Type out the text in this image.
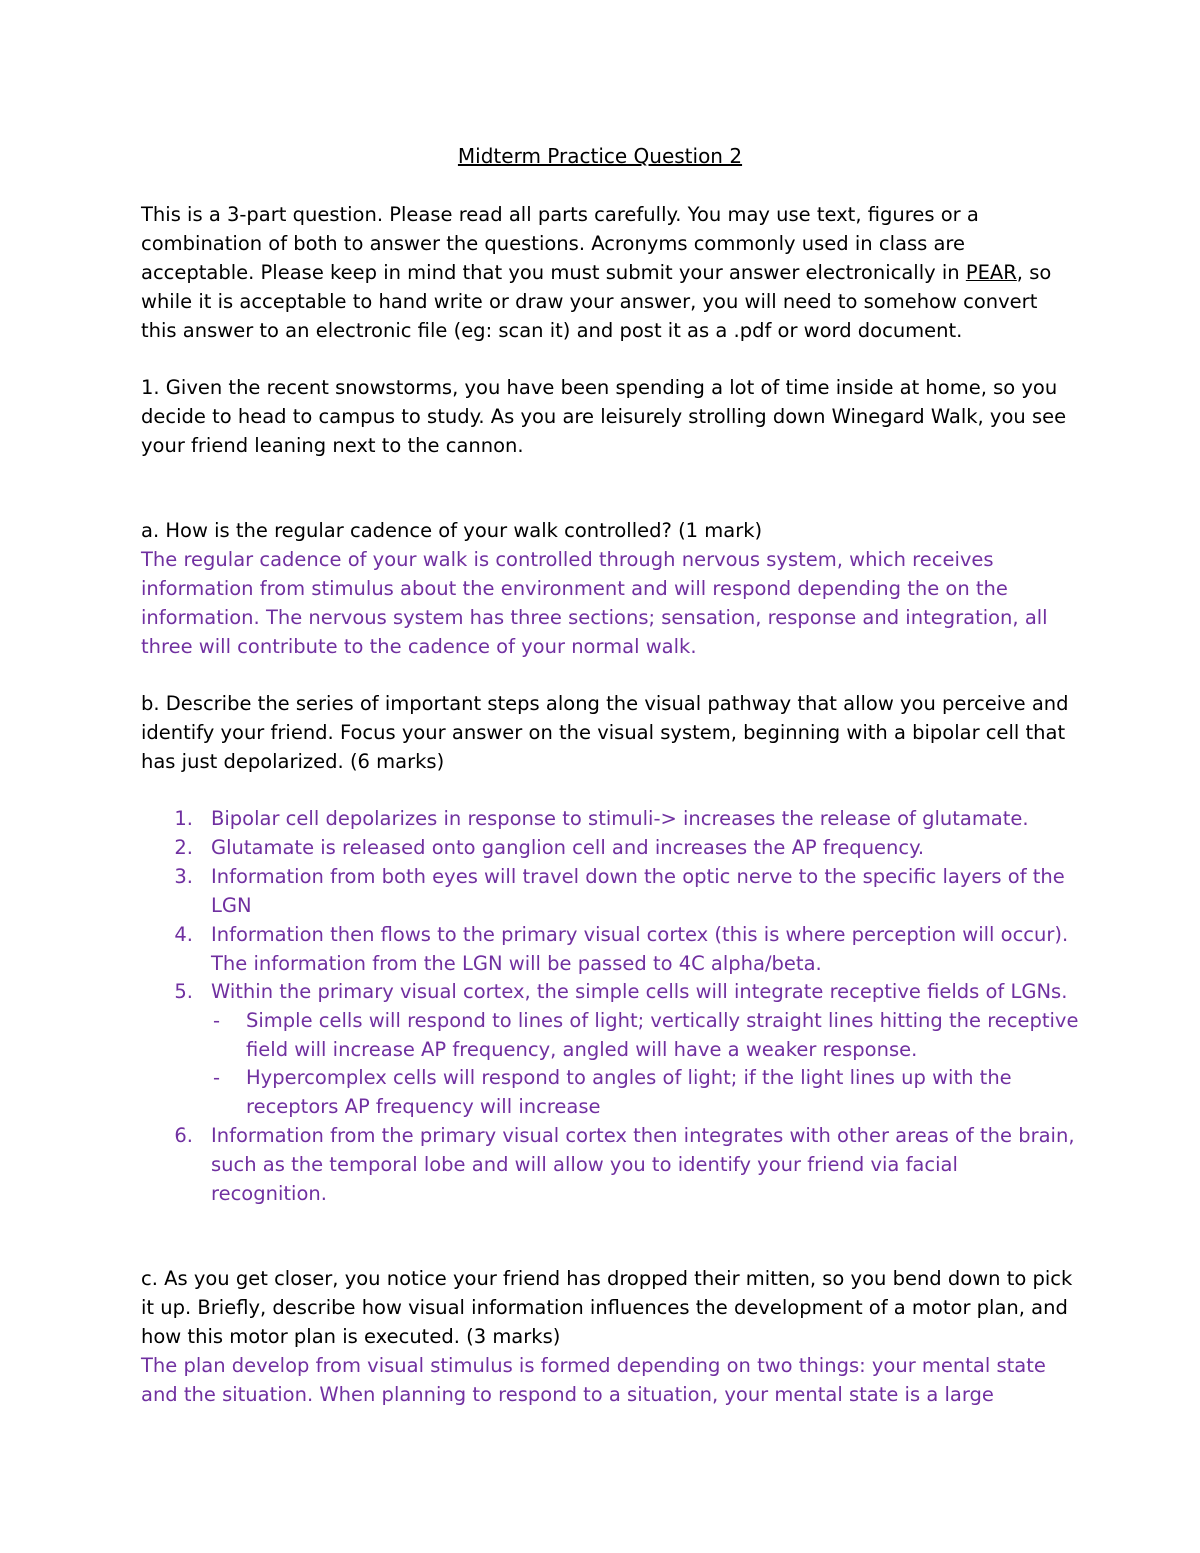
Midterm Practice Question 2
This is a 3-part question. Please read all parts carefully. You may use text, figures or a
combination of both to answer the questions. Acronyms commonly used in class are
acceptable. Please keep in mind that you must submit your answer electronically in PEAR, so
while it is acceptable to hand write or draw your answer, you will need to somehow convert
this answer to an electronic file (eg: scan it) and post it as a .pdf or word document.
1. Given the recent snowstorms, you have been spending a lot of time inside at home, so you
decide to head to campus to study. As you are leisurely strolling down Winegard Walk, you see
your friend leaning next to the cannon.
a. How is the regular cadence of your walk controlled? (1 mark)
The regular cadence of your walk is controlled through nervous system, which receives
information from stimulus about the environment and will respond depending the on the
information. The nervous system has three sections; sensation, response and integration, all
three will contribute to the cadence of your normal walk.
b. Describe the series of important steps along the visual pathway that allow you perceive and
identify your friend. Focus your answer on the visual system, beginning with a bipolar cell that
has just depolarized. (6 marks)
1. Bipolar cell depolarizes in response to stimuli-> increases the release of glutamate.
2. Glutamate is released onto ganglion cell and increases the AP frequency.
3. Information from both eyes will travel down the optic nerve to the specific layers of the
LGN
4. Information then flows to the primary visual cortex (this is where perception will occur).
The information from the LGN will be passed to 4C alpha/beta.
5. Within the primary visual cortex, the simple cells will integrate receptive fields of LGNs.
- Simple cells will respond to lines of light; vertically straight lines hitting the receptive
field will increase AP frequency, angled will have a weaker response.
- Hypercomplex cells will respond to angles of light; if the light lines up with the
receptors AP frequency will increase
6. Information from the primary visual cortex then integrates with other areas of the brain,
such as the temporal lobe and will allow you to identify your friend via facial
recognition.
c. As you get closer, you notice your friend has dropped their mitten, so you bend down to pick
it up. Briefly, describe how visual information influences the development of a motor plan, and
how this motor plan is executed. (3 marks)
The plan develop from visual stimulus is formed depending on two things: your mental state
and the situation. When planning to respond to a situation, your mental state is a large
